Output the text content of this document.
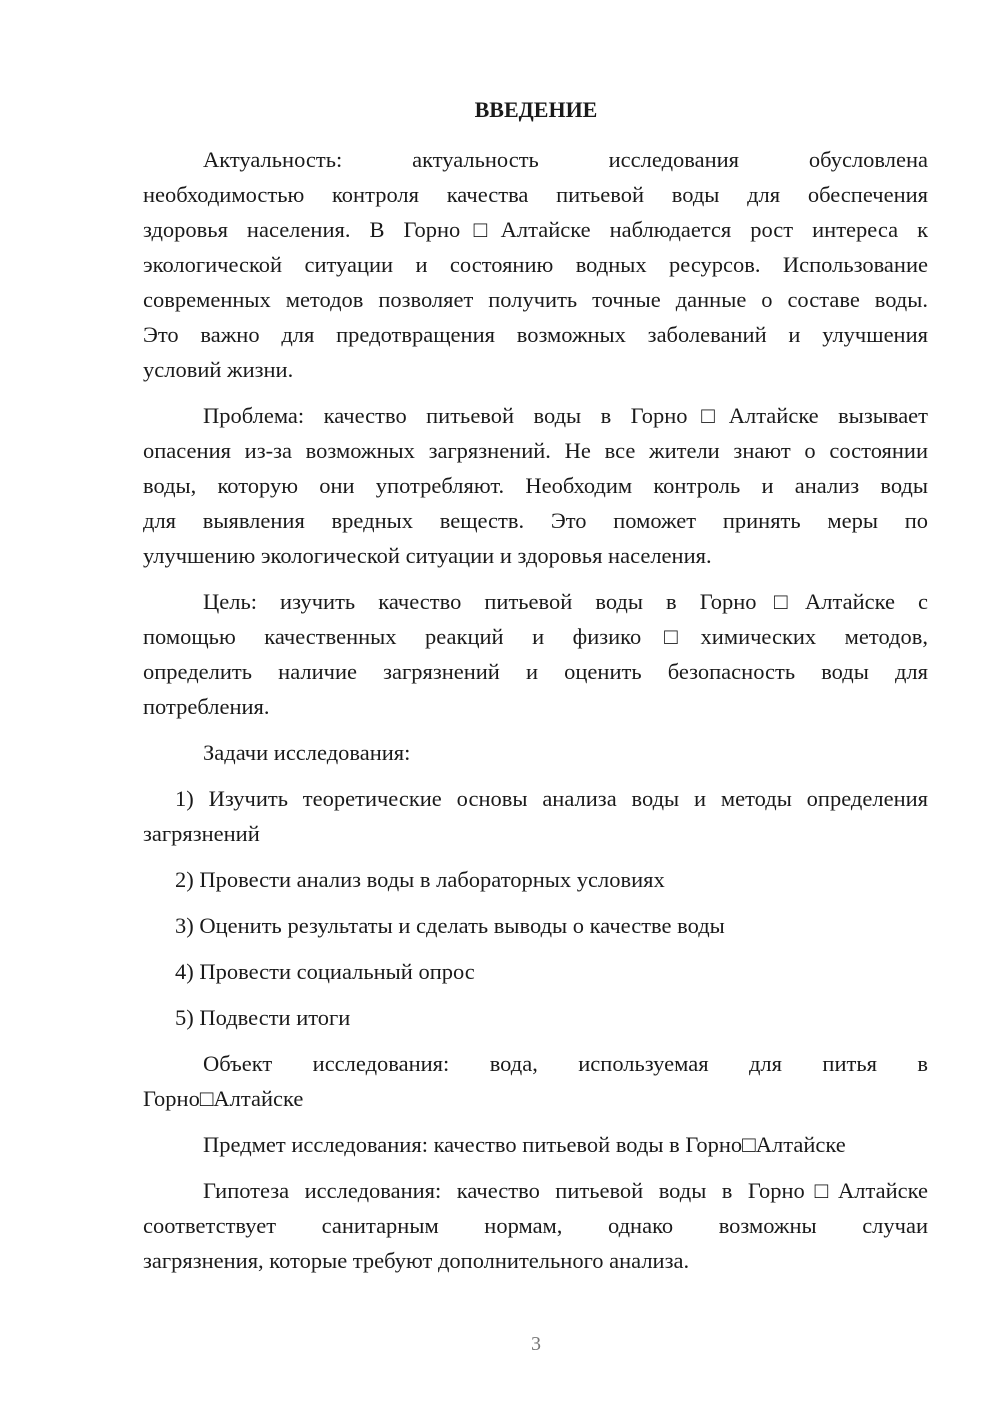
ВВЕДЕНИЕ
Актуальность: актуальность исследования обусловлена
необходимостью контроля качества питьевой воды для обеспечения
здоровья населения. В Горно□Алтайске наблюдается рост интереса к
экологической ситуации и состоянию водных ресурсов. Использование
современных методов позволяет получить точные данные о составе воды.
Это важно для предотвращения возможных заболеваний и улучшения
условий жизни.
Проблема: качество питьевой воды в Горно□Алтайске вызывает
опасения из-за возможных загрязнений. Не все жители знают о состоянии
воды, которую они употребляют. Необходим контроль и анализ воды
для выявления вредных веществ. Это поможет принять меры по
улучшению экологической ситуации и здоровья населения.
Цель: изучить качество питьевой воды в Горно□Алтайске с
помощью качественных реакций и физико□химических методов,
определить наличие загрязнений и оценить безопасность воды для
потребления.
Задачи исследования:
1) Изучить теоретические основы анализа воды и методы определения
загрязнений
2) Провести анализ воды в лабораторных условиях
3) Оценить результаты и сделать выводы о качестве воды
4) Провести социальный опрос
5) Подвести итоги
Объект исследования: вода, используемая для питья в
Горно□Алтайске
Предмет исследования: качество питьевой воды в Горно□Алтайске
Гипотеза исследования: качество питьевой воды в Горно□Алтайске
соответствует санитарным нормам, однако возможны случаи
загрязнения, которые требуют дополнительного анализа.
3
